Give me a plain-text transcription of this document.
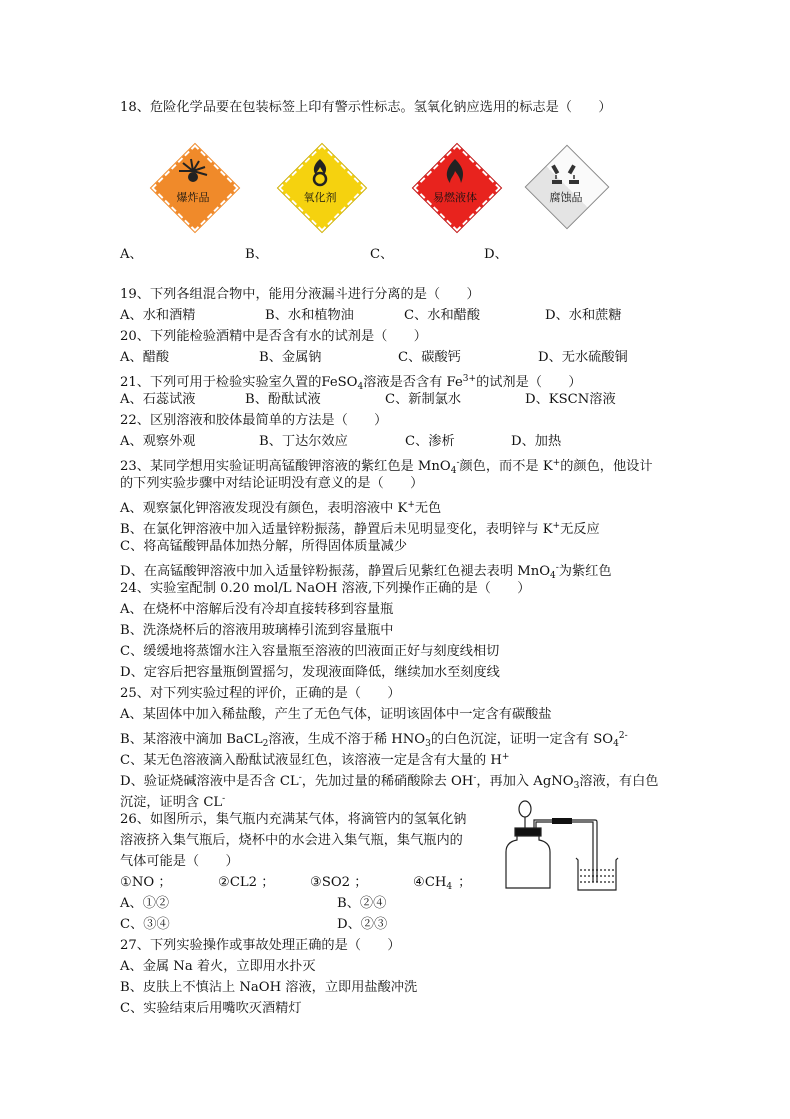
18、危险化学品要在包装标签上印有警示性标志。氢氧化钠应选用的标志是（　　）
爆炸品	氧化剂	易燃液体	腐蚀品
A、	B、	C、	D、
19、下列各组混合物中，能用分液漏斗进行分离的是（　　）
A、水和酒精	B、水和植物油	C、水和醋酸	D、水和蔗糖
20、下列能检验酒精中是否含有水的试剂是（　　）
A、醋酸	B、金属钠	C、碳酸钙	D、无水硫酸铜
21、下列可用于检验实验室久置的FeSO$_4$溶液是否含有 $Fe^{3+}$的试剂是（　　）
A、石蕊试液	B、酚酞试液	C、新制氯水	D、KSCN溶液
22、区别溶液和胶体最简单的方法是（　　）
A、观察外观	B、丁达尔效应	C、渗析	D、加热
23、某同学想用实验证明高锰酸钾溶液的紫红色是 MnO$_4$-颜色，而不是 K+的颜色，他设计
的下列实验步骤中对结论证明没有意义的是（　　）
A、观察氯化钾溶液发现没有颜色，表明溶液中 K+无色
B、在氯化钾溶液中加入适量锌粉振荡，静置后未见明显变化，表明锌与 K+无反应
C、将高锰酸钾晶体加热分解，所得固体质量减少
D、在高锰酸钾溶液中加入适量锌粉振荡，静置后见紫红色褪去表明 MnO$_4$-为紫红色
24、实验室配制 0.20 mol/L NaOH 溶液,下列操作正确的是（　　）
A、在烧杯中溶解后没有冷却直接转移到容量瓶
B、洗涤烧杯后的溶液用玻璃棒引流到容量瓶中
C、缓缓地将蒸馏水注入容量瓶至溶液的凹液面正好与刻度线相切
D、定容后把容量瓶倒置摇匀，发现液面降低，继续加水至刻度线
25、对下列实验过程的评价，正确的是（　　）
A、某固体中加入稀盐酸，产生了无色气体，证明该固体中一定含有碳酸盐
B、某溶液中滴加 BaCL$_2$溶液，生成不溶于稀 $HNO_3$的白色沉淀，证明一定含有 $SO_4^{2-}$
C、某无色溶液滴入酚酞试液显红色，该溶液一定是含有大量的 H+
D、验证烧碱溶液中是否含 CL-，先加过量的稀硝酸除去 OH-，再加入 AgNO$_3$溶液，有白色
沉淀，证明含 CL-
26、如图所示，集气瓶内充满某气体，将滴管内的氢氧化钠
溶液挤入集气瓶后，烧杯中的水会进入集气瓶，集气瓶内的
气体可能是（　　）
①NO ；	②CL2 ；	③SO2 ；	$④CH_4$ ；
A、①②	B、②④
C、③④	D、②③
27、下列实验操作或事故处理正确的是（　　）
A、金属 Na 着火，立即用水扑灭
B、皮肤上不慎沾上 NaOH 溶液，立即用盐酸冲洗
C、实验结束后用嘴吹灭酒精灯
